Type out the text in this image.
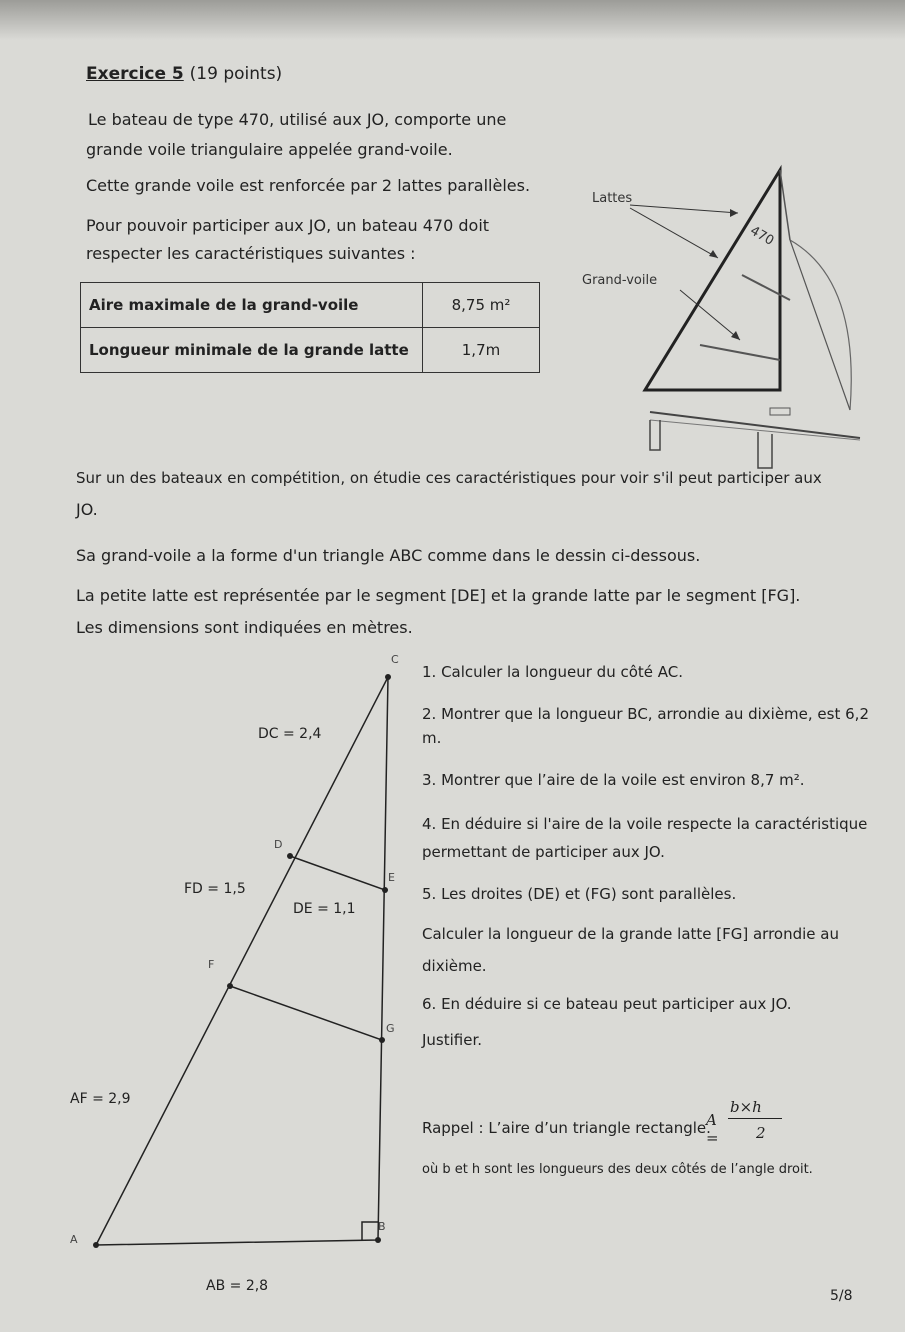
Exercice 5 (19 points)

Le bateau de type 470, utilisé aux JO, comporte une

grande voile triangulaire appelée grand-voile.

Cette grande voile est renforcée par 2 lattes parallèles.

Pour pouvoir participer aux JO, un bateau 470 doit

respecter les caractéristiques suivantes :

Aire maximale de la grand-voile	8,75 m²
Longueur minimale de la grande latte	1,7m
470
Lattes
Grand-voile

Sur un des bateaux en compétition, on étudie ces caractéristiques pour voir s'il peut participer aux

JO.

Sa grand-voile a la forme d'un triangle ABC comme dans le dessin ci-dessous.

La petite latte est représentée par le segment [DE] et la grande latte par le segment [FG].

Les dimensions sont indiquées en mètres.

C
D
E
F
G
A
B
DC = 2,4
FD = 1,5
DE = 1,1
AF = 2,9
AB = 2,8

1. Calculer la longueur du côté AC.

2. Montrer que la longueur BC, arrondie au dixième, est 6,2

m.

3. Montrer que l’aire de la voile est environ 8,7 m².

4. En déduire si l'aire de la voile respecte la caractéristique

permettant de participer aux JO.

5. Les droites (DE) et (FG) sont parallèles.

Calculer la longueur de la grande latte [FG] arrondie au

dixième.

6. En déduire si ce bateau peut participer aux JO.

Justifier.

Rappel : L’aire d’un triangle rectangle.

A =
b×h
2

où b et h sont les longueurs des deux côtés de l’angle droit.

5/8
